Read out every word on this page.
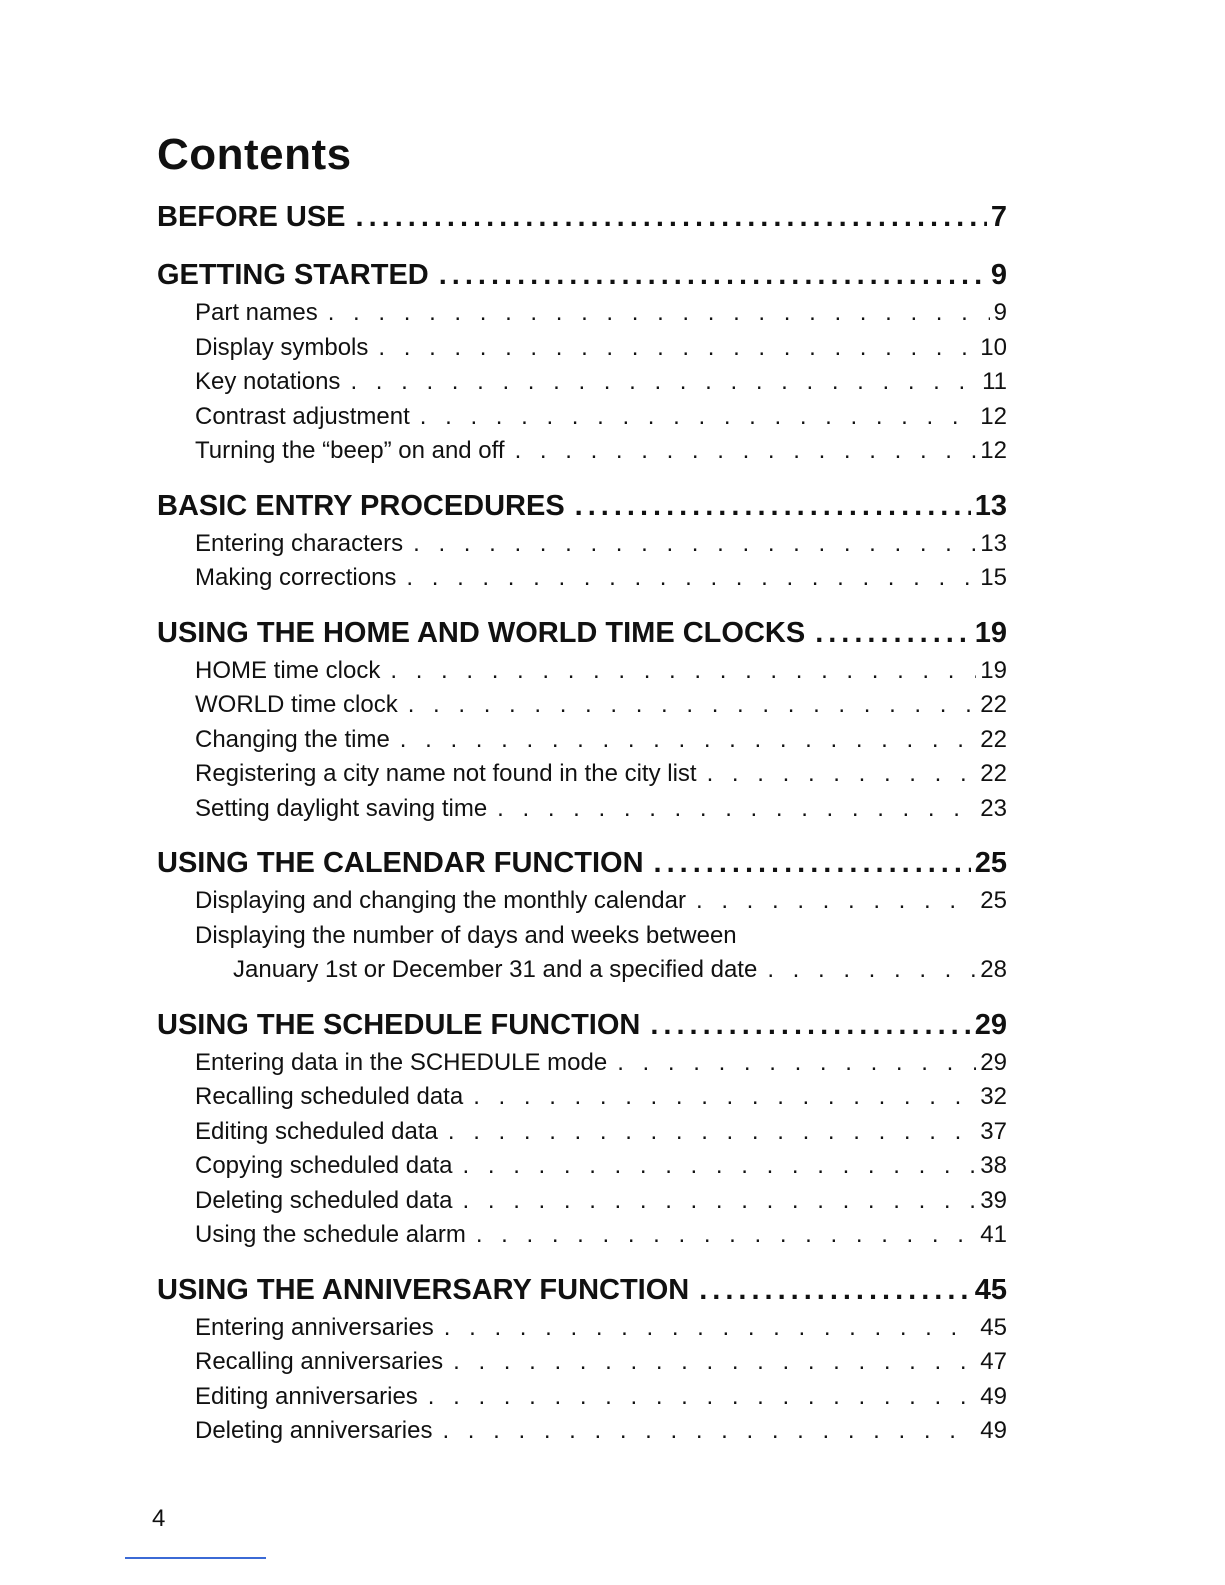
Contents
BEFORE USE .....	7
GETTING STARTED .....	9
Part names . . .	9
Display symbols . . .	10
Key notations . . .	11
Contrast adjustment . . .	12
Turning the “beep” on and off . . .	12
BASIC ENTRY PROCEDURES .....	13
Entering characters . . .	13
Making corrections . . .	15
USING THE HOME AND WORLD TIME CLOCKS .....	19
HOME time clock . . .	19
WORLD time clock . . .	22
Changing the time . . .	22
Registering a city name not found in the city list . . .	22
Setting daylight saving time . . .	23
USING THE CALENDAR FUNCTION .....	25
Displaying and changing the monthly calendar . . .	25
Displaying the number of days and weeks between
January 1st or December 31 and a specified date . . .	28
USING THE SCHEDULE FUNCTION .....	29
Entering data in the SCHEDULE mode . . .	29
Recalling scheduled data . . .	32
Editing scheduled data . . .	37
Copying scheduled data . . .	38
Deleting scheduled data . . .	39
Using the schedule alarm . . .	41
USING THE ANNIVERSARY FUNCTION .....	45
Entering anniversaries . . .	45
Recalling anniversaries . . .	47
Editing anniversaries . . .	49
Deleting anniversaries . . .	49
4
